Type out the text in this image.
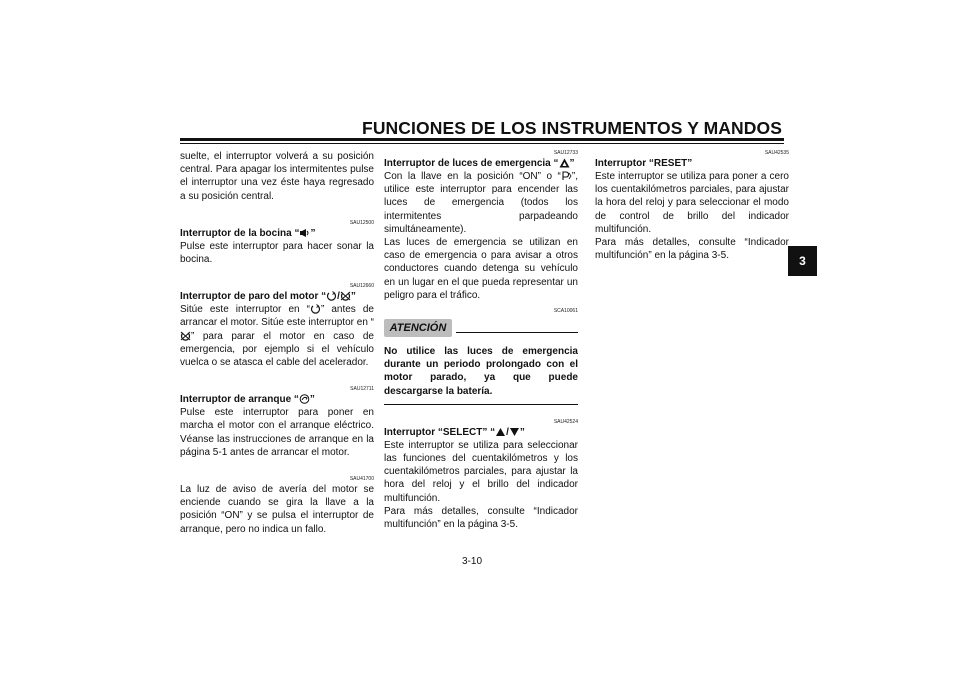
FUNCIONES DE LOS INSTRUMENTOS Y MANDOS
3

suelte, el interruptor volverá a su posición central. Para apagar los intermitentes pulse el interruptor una vez éste haya regresado a su posición central.

SAU12500

Interruptor de la bocina “ ”

Pulse este interruptor para hacer sonar la bocina.

SAU12660

Interruptor de paro del motor “ / ”

Sitúe este interruptor en “ ” antes de arrancar el motor. Sitúe este interruptor en “
” para parar el motor en caso de emergencia, por ejemplo si el vehículo vuelca o se atasca el cable del acelerador.

SAU12711

Interruptor de arranque “ ”

Pulse este interruptor para poner en marcha el motor con el arranque eléctrico. Véanse las instrucciones de arranque en la página 5-1 antes de arrancar el motor.

SAU41700

La luz de aviso de avería del motor se enciende cuando se gira la llave a la posición “ON” y se pulsa el interruptor de arranque, pero no indica un fallo.

SAU12733

Interruptor de luces de emergencia “ ”

Con la llave en la posición “ON” o “ ”, utilice este interruptor para encender las luces de emergencia (todos los intermitentes parpadeando simultáneamente).

Las luces de emergencia se utilizan en caso de emergencia o para avisar a otros conductores cuando detenga su vehículo en un lugar en el que pueda representar un peligro para el tráfico.

SCA10061

ATENCIÓN

No utilice las luces de emergencia durante un periodo prolongado con el motor parado, ya que puede descargarse la batería.

SAU42524

Interruptor “SELECT” “ / ”

Este interruptor se utiliza para seleccionar las funciones del cuentakilómetros y los cuentakilómetros parciales, para ajustar la hora del reloj y el brillo del indicador multifunción.

Para más detalles, consulte “Indicador multifunción” en la página 3-5.

SAU42535

Interruptor “RESET”

Este interruptor se utiliza para poner a cero los cuentakilómetros parciales, para ajustar la hora del reloj y para seleccionar el modo de control de brillo del indicador multifunción.

Para más detalles, consulte “Indicador multifunción” en la página 3-5.

3-10
